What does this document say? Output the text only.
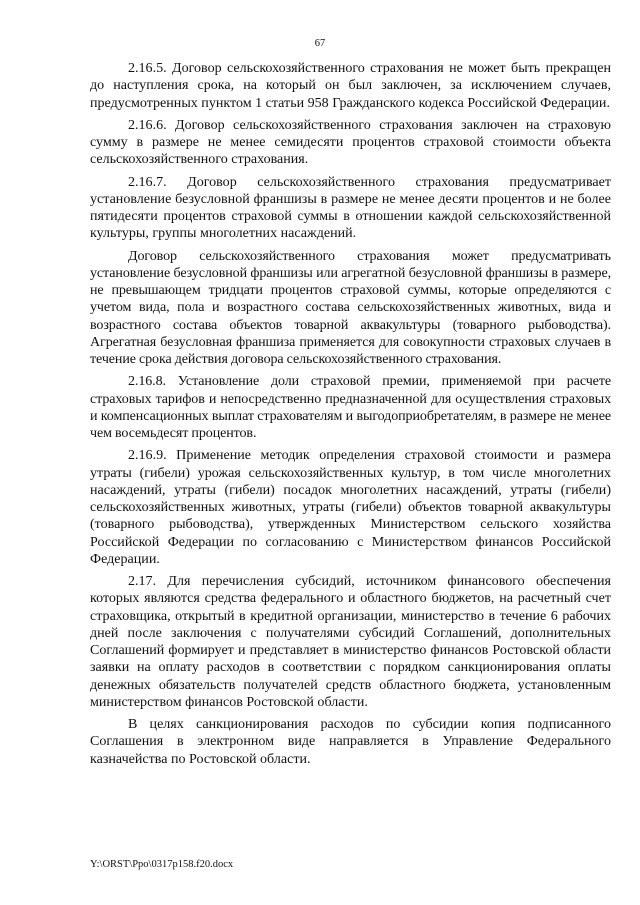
67

2.16.5. Договор сельскохозяйственного страхования не может быть прекращен до наступления срока, на который он был заключен, за исключением случаев, предусмотренных пунктом 1 статьи 958 Гражданского кодекса Российской Федерации.

2.16.6. Договор сельскохозяйственного страхования заключен на страховую сумму в размере не менее семидесяти процентов страховой стоимости объекта сельскохозяйственного страхования.

2.16.7. Договор сельскохозяйственного страхования предусматривает установление безусловной франшизы в размере не менее десяти процентов и не более пятидесяти процентов страховой суммы в отношении каждой сельскохозяйственной культуры, группы многолетних насаждений.

Договор сельскохозяйственного страхования может предусматривать установление безусловной франшизы или агрегатной безусловной франшизы в размере, не превышающем тридцати процентов страховой суммы, которые определяются с учетом вида, пола и возрастного состава сельскохозяйственных животных, вида и возрастного состава объектов товарной аквакультуры (товарного рыбоводства). Агрегатная безусловная франшиза применяется для совокупности страховых случаев в течение срока действия договора сельскохозяйственного страхования.

2.16.8. Установление доли страховой премии, применяемой при расчете страховых тарифов и непосредственно предназначенной для осуществления страховых и компенсационных выплат страхователям и выгодоприобретателям, в размере не менее чем восемьдесят процентов.

2.16.9. Применение методик определения страховой стоимости и размера утраты (гибели) урожая сельскохозяйственных культур, в том числе многолетних насаждений, утраты (гибели) посадок многолетних насаждений, утраты (гибели) сельскохозяйственных животных, утраты (гибели) объектов товарной аквакультуры (товарного рыбоводства), утвержденных Министерством сельского хозяйства Российской Федерации по согласованию с Министерством финансов Российской Федерации.

2.17. Для перечисления субсидий, источником финансового обеспечения которых являются средства федерального и областного бюджетов, на расчетный счет страховщика, открытый в кредитной организации, министерство в течение 6 рабочих дней после заключения с получателями субсидий Соглашений, дополнительных Соглашений формирует и представляет в министерство финансов Ростовской области заявки на оплату расходов в соответствии с порядком санкционирования оплаты денежных обязательств получателей средств областного бюджета, установленным министерством финансов Ростовской области.

В целях санкционирования расходов по субсидии копия подписанного Соглашения в электронном виде направляется в Управление Федерального казначейства по Ростовской области.

Y:\ORST\Ppo\0317p158.f20.docx
